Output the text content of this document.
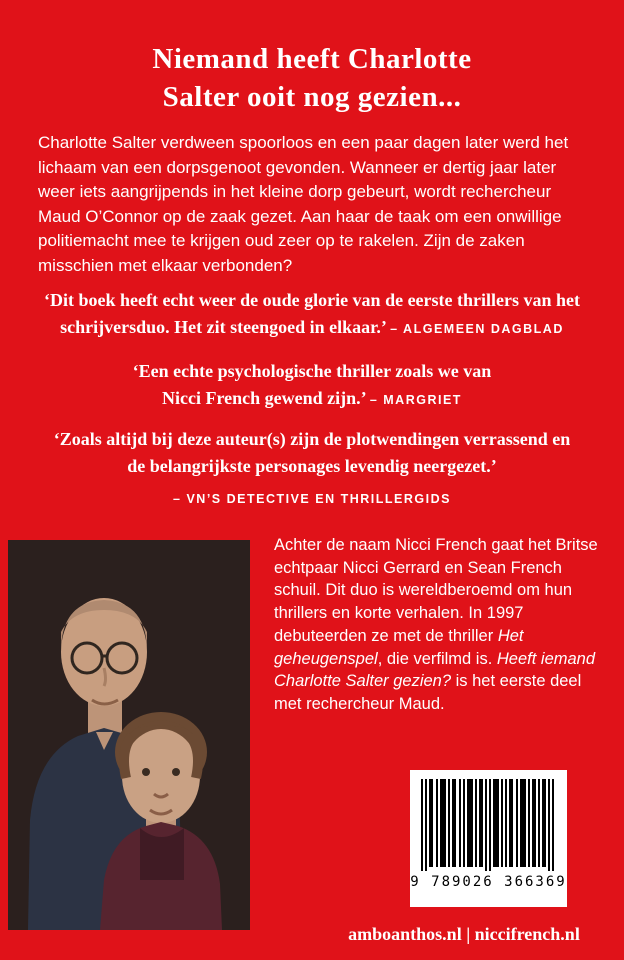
Niemand heeft Charlotte
Salter ooit nog gezien...

Charlotte Salter verdween spoorloos en een paar dagen later werd het lichaam van een dorpsgenoot gevonden. Wanneer er dertig jaar later weer iets aangrijpends in het kleine dorp gebeurt, wordt rechercheur Maud O’Connor op de zaak gezet. Aan haar de taak om een onwillige politiemacht mee te krijgen oud zeer op te rakelen. Zijn de zaken misschien met elkaar verbonden?

‘Dit boek heeft echt weer de oude glorie van de eerste thrillers van het schrijversduo. Het zit steengoed in elkaar.’ – ALGEMEEN DAGBLAD

‘Een echte psychologische thriller zoals we van Nicci French gewend zijn.’ – MARGRIET

‘Zoals altijd bij deze auteur(s) zijn de plotwendingen verrassend en de belangrijkste personages levendig neergezet.’
– VN’S DETECTIVE EN THRILLERGIDS

Achter de naam Nicci French gaat het Britse echtpaar Nicci Gerrard en Sean French schuil. Dit duo is wereldberoemd om hun thrillers en korte verhalen. In 1997 debuteerden ze met de thriller Het geheugenspel, die verfilmd is. Heeft iemand Charlotte Salter gezien? is het eerste deel met rechercheur Maud.

9 789026 366369
amboanthos.nl | niccifrench.nl
